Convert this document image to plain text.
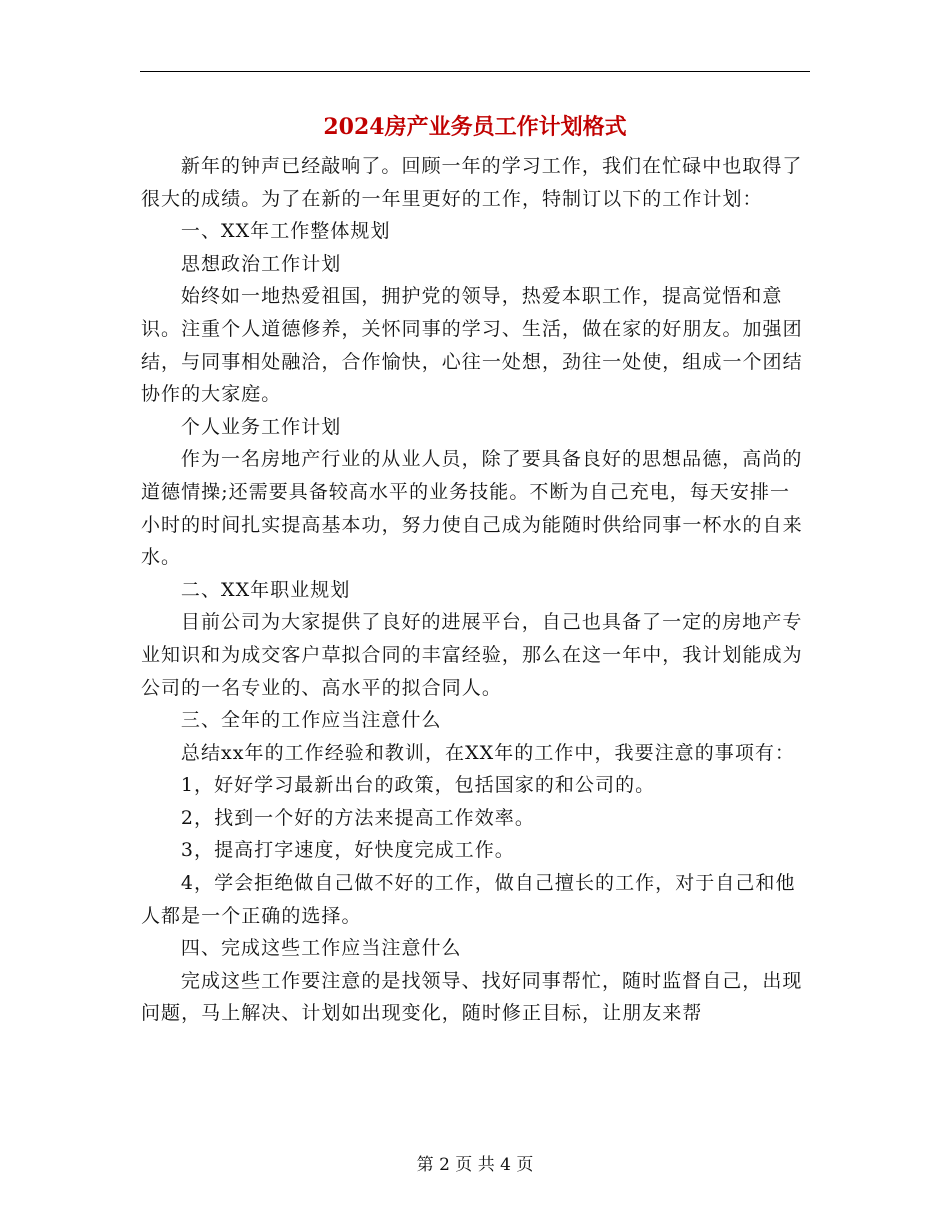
2024房产业务员工作计划格式

新年的钟声已经敲响了。回顾一年的学习工作，我们在忙碌中也取得了很大的成绩。为了在新的一年里更好的工作，特制订以下的工作计划：

一、XX年工作整体规划

思想政治工作计划

始终如一地热爱祖国，拥护党的领导，热爱本职工作，提高觉悟和意识。注重个人道德修养，关怀同事的学习、生活，做在家的好朋友。加强团结，与同事相处融洽，合作愉快，心往一处想，劲往一处使，组成一个团结协作的大家庭。

个人业务工作计划

作为一名房地产行业的从业人员，除了要具备良好的思想品德，高尚的道德情操;还需要具备较高水平的业务技能。不断为自己充电，每天安排一小时的时间扎实提高基本功，努力使自己成为能随时供给同事一杯水的自来水。

二、XX年职业规划

目前公司为大家提供了良好的进展平台，自己也具备了一定的房地产专业知识和为成交客户草拟合同的丰富经验，那么在这一年中，我计划能成为公司的一名专业的、高水平的拟合同人。

三、全年的工作应当注意什么

总结xx年的工作经验和教训，在XX年的工作中，我要注意的事项有：

1，好好学习最新出台的政策，包括国家的和公司的。

2，找到一个好的方法来提高工作效率。

3，提高打字速度，好快度完成工作。

4，学会拒绝做自己做不好的工作，做自己擅长的工作，对于自己和他人都是一个正确的选择。

四、完成这些工作应当注意什么

完成这些工作要注意的是找领导、找好同事帮忙，随时监督自己，出现问题，马上解决、计划如出现变化，随时修正目标，让朋友来帮

第 2 页 共 4 页
